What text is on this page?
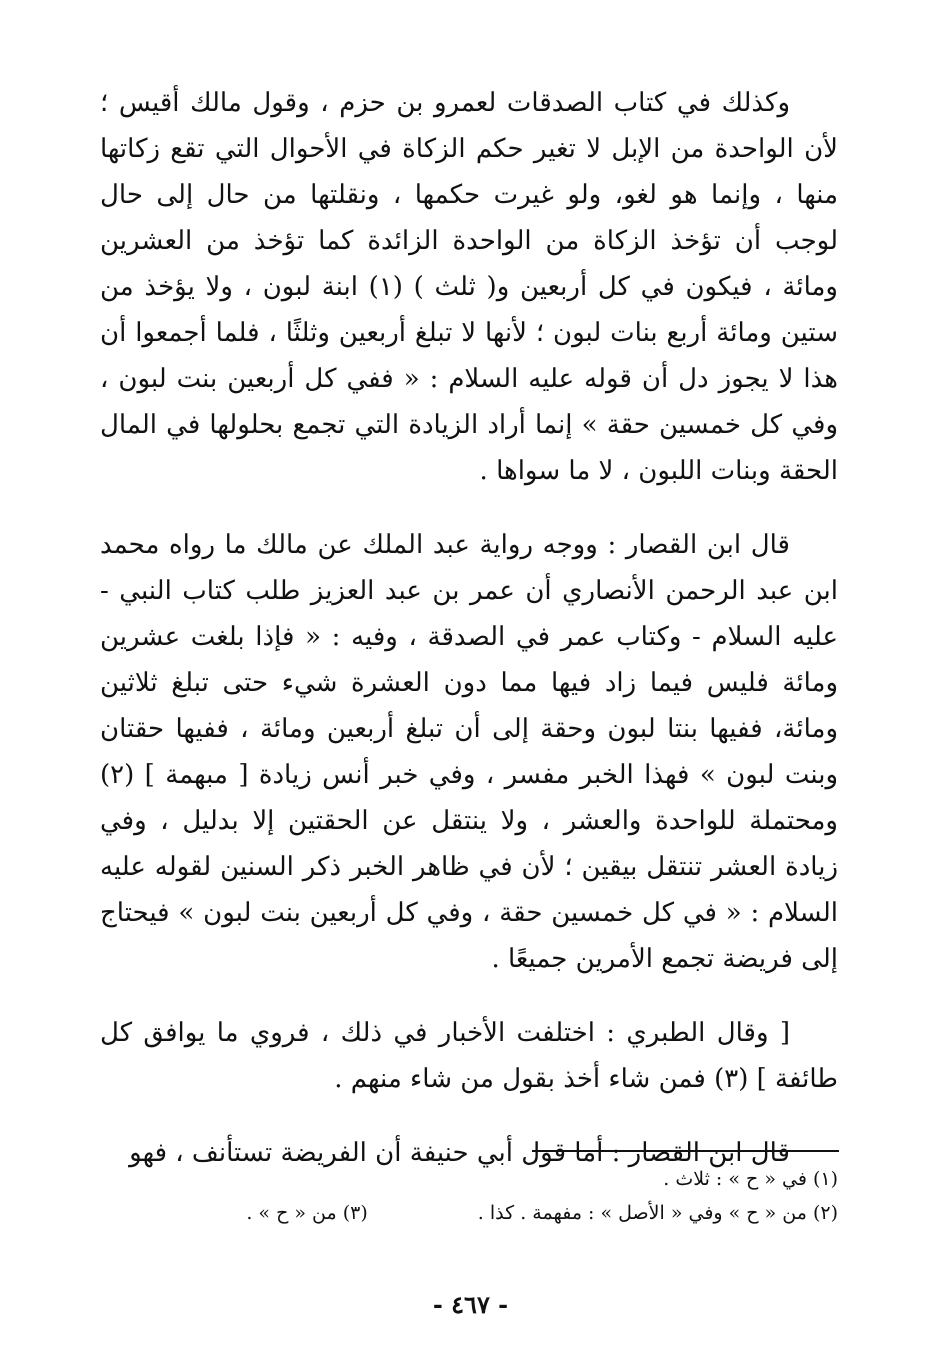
وكذلك في كتاب الصدقات لعمرو بن حزم ، وقول مالك أقيس ؛ لأن الواحدة من الإبل لا تغير حكم الزكاة في الأحوال التي تقع زكاتها منها ، وإنما هو لغو، ولو غيرت حكمها ، ونقلتها من حال إلى حال لوجب أن تؤخذ الزكاة من الواحدة الزائدة كما تؤخذ من العشرين ومائة ، فيكون في كل أربعين و( ثلث ) (١) ابنة لبون ، ولا يؤخذ من ستين ومائة أربع بنات لبون ؛ لأنها لا تبلغ أربعين وثلثًا ، فلما أجمعوا أن هذا لا يجوز دل أن قوله عليه السلام : « ففي كل أربعين بنت لبون ، وفي كل خمسين حقة » إنما أراد الزيادة التي تجمع بحلولها في المال الحقة وبنات اللبون ، لا ما سواها .

قال ابن القصار : ووجه رواية عبد الملك عن مالك ما رواه محمد ابن عبد الرحمن الأنصاري أن عمر بن عبد العزيز طلب كتاب النبي - عليه السلام - وكتاب عمر في الصدقة ، وفيه : « فإذا بلغت عشرين ومائة فليس فيما زاد فيها مما دون العشرة شيء حتى تبلغ ثلاثين ومائة، ففيها بنتا لبون وحقة إلى أن تبلغ أربعين ومائة ، ففيها حقتان وبنت لبون » فهذا الخبر مفسر ، وفي خبر أنس زيادة [ مبهمة ] (٢) ومحتملة للواحدة والعشر ، ولا ينتقل عن الحقتين إلا بدليل ، وفي زيادة العشر تنتقل بيقين ؛ لأن في ظاهر الخبر ذكر السنين لقوله عليه السلام : « في كل خمسين حقة ، وفي كل أربعين بنت لبون » فيحتاج إلى فريضة تجمع الأمرين جميعًا .

[ وقال الطبري : اختلفت الأخبار في ذلك ، فروي ما يوافق كل طائفة ] (٣) فمن شاء أخذ بقول من شاء منهم .

قال ابن القصار : أما قول أبي حنيفة أن الفريضة تستأنف ، فهو

(١) في « ح » : ثلاث .
(٢) من « ح » وفي « الأصل » : مفهمة . كذا .
(٣) من « ح » .
- ٤٦٧ -
